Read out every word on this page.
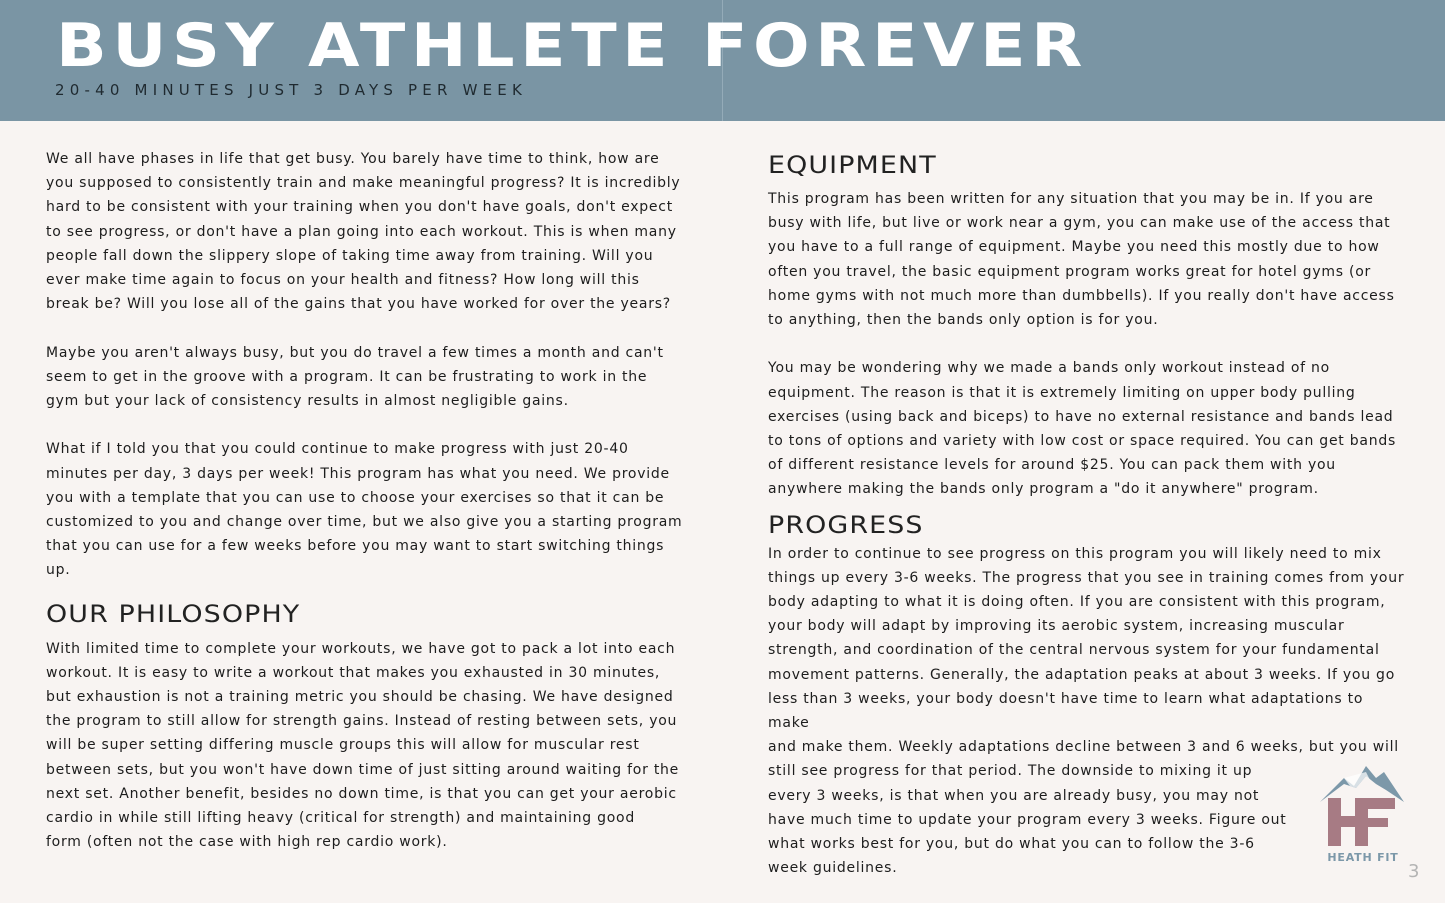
BUSY ATHLETE FOREVER
20-40 MINUTES JUST 3 DAYS PER WEEK

We all have phases in life that get busy. You barely have time to think, how are
you supposed to consistently train and make meaningful progress? It is incredibly
hard to be consistent with your training when you don't have goals, don't expect
to see progress, or don't have a plan going into each workout. This is when many
people fall down the slippery slope of taking time away from training. Will you
ever make time again to focus on your health and fitness? How long will this
break be? Will you lose all of the gains that you have worked for over the years?

Maybe you aren't always busy, but you do travel a few times a month and can't
seem to get in the groove with a program. It can be frustrating to work in the
gym but your lack of consistency results in almost negligible gains.

What if I told you that you could continue to make progress with just 20-40
minutes per day, 3 days per week! This program has what you need. We provide
you with a template that you can use to choose your exercises so that it can be
customized to you and change over time, but we also give you a starting program
that you can use for a few weeks before you may want to start switching things
up.

OUR PHILOSOPHY

With limited time to complete your workouts, we have got to pack a lot into each
workout. It is easy to write a workout that makes you exhausted in 30 minutes,
but exhaustion is not a training metric you should be chasing. We have designed
the program to still allow for strength gains. Instead of resting between sets, you
will be super setting differing muscle groups this will allow for muscular rest
between sets, but you won't have down time of just sitting around waiting for the
next set. Another benefit, besides no down time, is that you can get your aerobic
cardio in while still lifting heavy (critical for strength) and maintaining good
form (often not the case with high rep cardio work).

EQUIPMENT

This program has been written for any situation that you may be in. If you are
busy with life, but live or work near a gym, you can make use of the access that
you have to a full range of equipment. Maybe you need this mostly due to how
often you travel, the basic equipment program works great for hotel gyms (or
home gyms with not much more than dumbbells). If you really don't have access
to anything, then the bands only option is for you.

You may be wondering why we made a bands only workout instead of no
equipment. The reason is that it is extremely limiting on upper body pulling
exercises (using back and biceps) to have no external resistance and bands lead
to tons of options and variety with low cost or space required. You can get bands
of different resistance levels for around $25. You can pack them with you
anywhere making the bands only program a "do it anywhere" program.

PROGRESS

In order to continue to see progress on this program you will likely need to mix
things up every 3-6 weeks. The progress that you see in training comes from your
body adapting to what it is doing often. If you are consistent with this program,
your body will adapt by improving its aerobic system, increasing muscular
strength, and coordination of the central nervous system for your fundamental
movement patterns. Generally, the adaptation peaks at about 3 weeks. If you go
less than 3 weeks, your body doesn't have time to learn what adaptations to make
and make them. Weekly adaptations decline between 3 and 6 weeks, but you will
still see progress for that period. The downside to mixing it up
every 3 weeks, is that when you are already busy, you may not
have much time to update your program every 3 weeks. Figure out
what works best for you, but do what you can to follow the 3-6
week guidelines.

HEATH FIT
3
